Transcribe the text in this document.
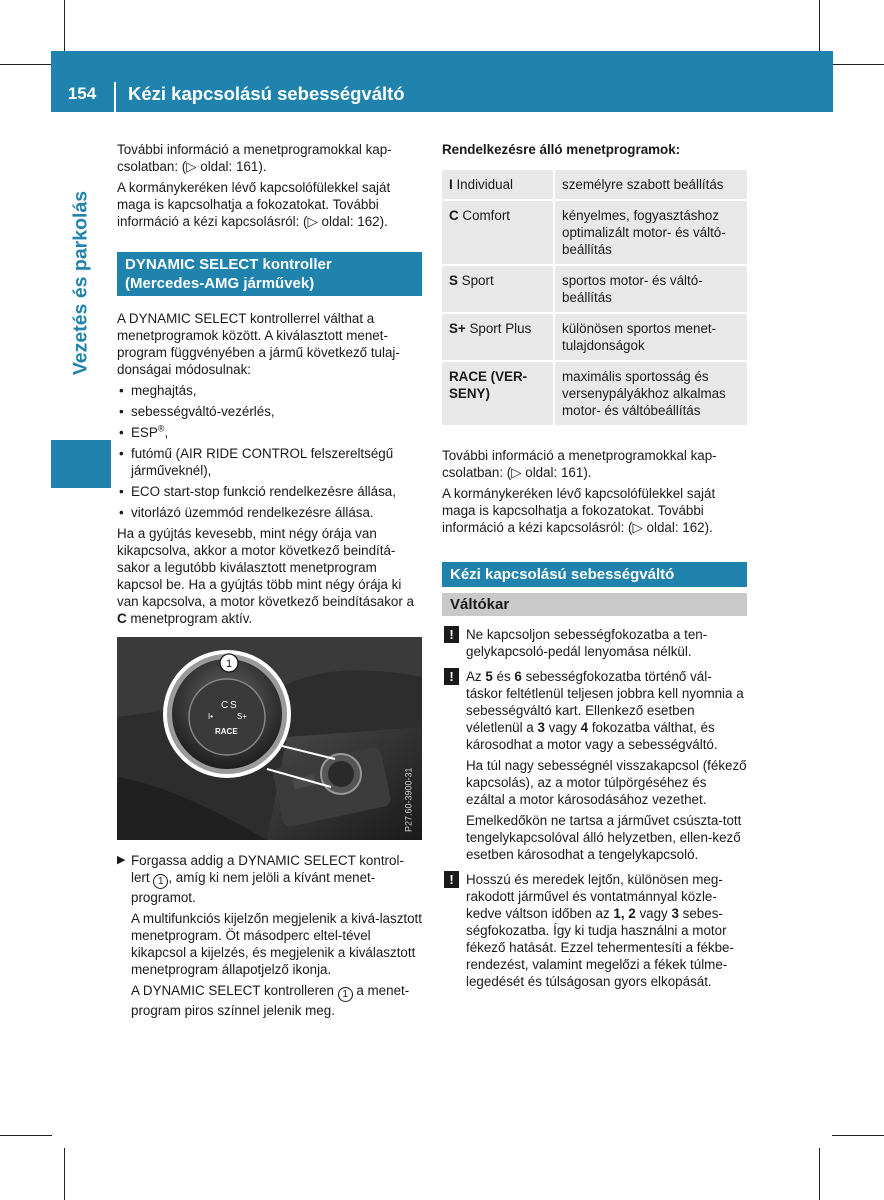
154	Kézi kapcsolású sebességváltó
Vezetés és parkolás

További információ a menetprogramokkal kap-csolatban: (▷ oldal: 161).

A kormánykeréken lévő kapcsolófülekkel saját maga is kapcsolhatja a fokozatokat. További információ a kézi kapcsolásról: (▷ oldal: 162).

DYNAMIC SELECT kontroller (Mercedes-AMG járművek)

A DYNAMIC SELECT kontrollerrel válthat a menetprogramok között. A kiválasztott menet-program függvényében a jármű következő tulaj-donságai módosulnak:

• meghajtás,
• sebességváltó-vezérlés,
• ESP®,
• futómű (AIR RIDE CONTROL felszereltségű járműveknél),
• ECO start-stop funkció rendelkezésre állása,
• vitorlázó üzemmód rendelkezésre állása.

Ha a gyújtás kevesebb, mint négy órája van kikapcsolva, akkor a motor következő beindítá-sakor a legutóbb kiválasztott menetprogram kapcsol be. Ha a gyújtás több mint négy órája ki van kapcsolva, a motor következő beindításakor a C menetprogram aktív.

C S
I•	S+
RACE
1
P27.60-3900-31
▶ Forgassa addig a DYNAMIC SELECT kontrol-lert 1 , amíg ki nem jelöli a kívánt menet-programot.

A multifunkciós kijelzőn megjelenik a kivá-lasztott menetprogram. Öt másodperc eltel-tével kikapcsol a kijelzés, és megjelenik a kiválasztott menetprogram állapotjelző ikonja.

A DYNAMIC SELECT kontrolleren 1 a menet-program piros színnel jelenik meg.

Rendelkezésre álló menetprogramok:
I Individual	személyre szabott beállítás
C Comfort	kényelmes, fogyasztáshoz optimalizált motor- és váltó-beállítás
S Sport	sportos motor- és váltó-beállítás
S+ Sport Plus	különösen sportos menet-tulajdonságok
RACE (VER-SENY)	maximális sportosság és versenypályákhoz alkalmas motor- és váltóbeállítás

További információ a menetprogramokkal kap-csolatban: (▷ oldal: 161).

A kormánykeréken lévő kapcsolófülekkel saját maga is kapcsolhatja a fokozatokat. További információ a kézi kapcsolásról: (▷ oldal: 162).

Kézi kapcsolású sebességváltó
Váltókar
! Ne kapcsoljon sebességfokozatba a ten-gelykapcsoló-pedál lenyomása nélkül.

! Az 5 és 6 sebességfokozatba történő vál-táskor feltétlenül teljesen jobbra kell nyomnia a sebességváltó kart. Ellenkező esetben véletlenül a 3 vagy 4 fokozatba válthat, és károsodhat a motor vagy a sebességváltó.

Ha túl nagy sebességnél visszakapcsol (fékező kapcsolás), az a motor túlpörgéséhez és ezáltal a motor károsodásához vezethet.

Emelkedőkön ne tartsa a járművet csúszta-tott tengelykapcsolóval álló helyzetben, ellen-kező esetben károsodhat a tengelykapcsoló.

! Hosszú és meredek lejtőn, különösen meg-rakodott járművel és vontatmánnyal közle-kedve váltson időben az 1, 2 vagy 3 sebes-ségfokozatba. Így ki tudja használni a motor fékező hatását. Ezzel tehermentesíti a fékbe-rendezést, valamint megelőzi a fékek túlme-legedését és túlságosan gyors elkopását.
